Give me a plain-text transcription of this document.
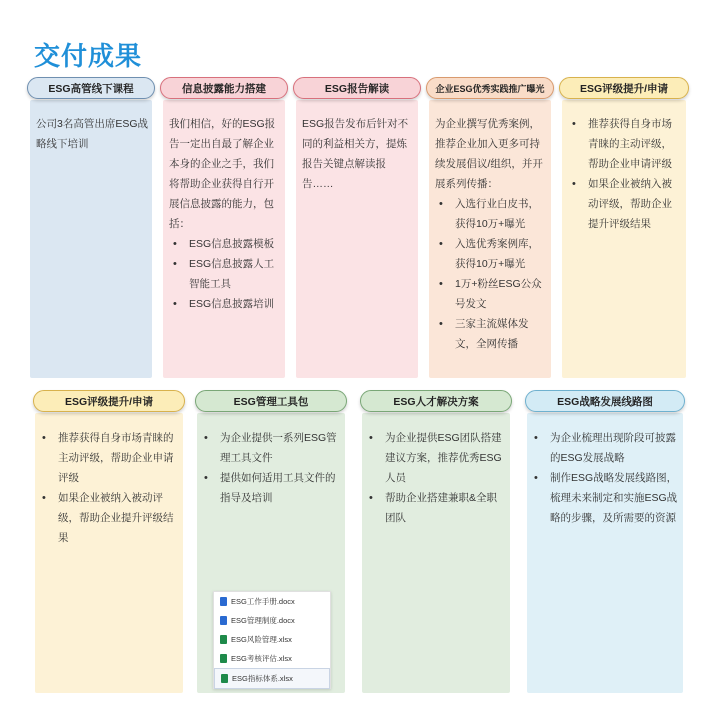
交付成果
ESG高管线下课程	信息披露能力搭建	ESG报告解读	企业ESG优秀实践推广曝光	ESG评级提升/申请

公司3名高管出席ESG战略线下培训

我们相信，好的ESG报告一定出自最了解企业本身的企业之手，我们将帮助企业获得自行开展信息披露的能力，包括：

• ESG信息披露模板
• ESG信息披露人工智能工具
• ESG信息披露培训

ESG报告发布后针对不同的利益相关方，提炼报告关键点解读报告……

为企业撰写优秀案例，推荐企业加入更多可持续发展倡议/组织，并开展系列传播：

• 入选行业白皮书，获得10万+曝光
• 入选优秀案例库，获得10万+曝光
• 1万+粉丝ESG公众号发文
• 三家主流媒体发文，全网传播
• 推荐获得自身市场青睐的主动评级，帮助企业申请评级
• 如果企业被纳入被动评级，帮助企业提升评级结果
ESG评级提升/申请	ESG管理工具包	ESG人才解决方案	ESG战略发展线路图
• 推荐获得自身市场青睐的主动评级，帮助企业申请评级
• 如果企业被纳入被动评级，帮助企业提升评级结果
• 为企业提供一系列ESG管理工具文件
• 提供如何适用工具文件的指导及培训
ESG工作手册.docx
ESG管理制度.docx
ESG风险管理.xlsx
ESG考核评估.xlsx
ESG指标体系.xlsx
• 为企业提供ESG团队搭建建议方案，推荐优秀ESG人员
• 帮助企业搭建兼职&全职团队
• 为企业梳理出现阶段可披露的ESG发展战略
• 制作ESG战略发展线路图，梳理未来制定和实施ESG战略的步骤，及所需要的资源
